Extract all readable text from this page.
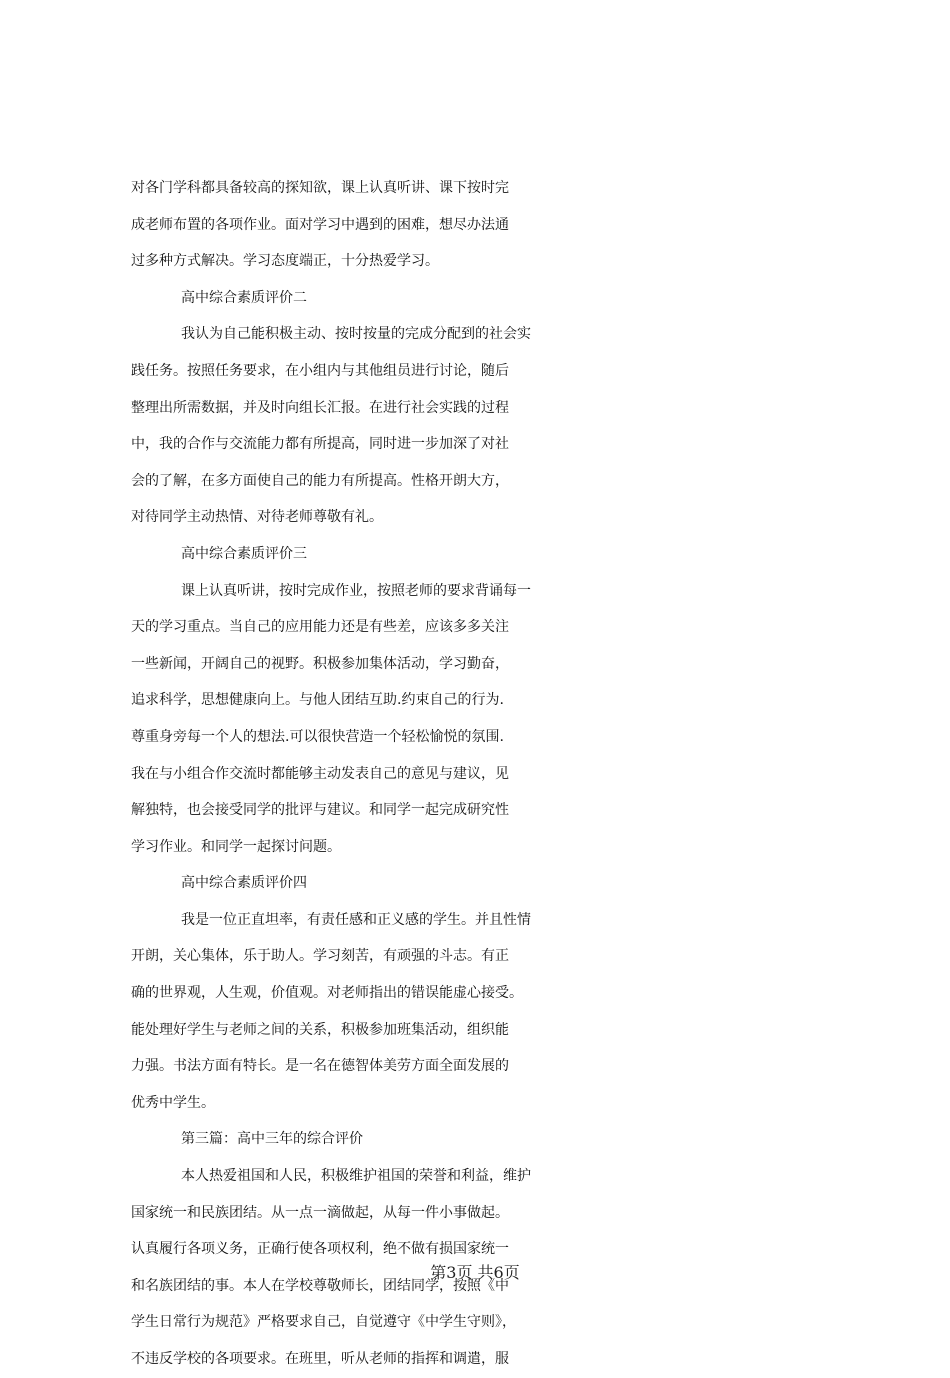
对各门学科都具备较高的探知欲，课上认真听讲、课下按时完
成老师布置的各项作业。面对学习中遇到的困难，想尽办法通
过多种方式解决。学习态度端正，十分热爱学习。
高中综合素质评价二
我认为自己能积极主动、按时按量的完成分配到的社会实
践任务。按照任务要求，在小组内与其他组员进行讨论，随后
整理出所需数据，并及时向组长汇报。在进行社会实践的过程
中，我的合作与交流能力都有所提高，同时进一步加深了对社
会的了解，在多方面使自己的能力有所提高。性格开朗大方，
对待同学主动热情、对待老师尊敬有礼。
高中综合素质评价三
课上认真听讲，按时完成作业，按照老师的要求背诵每一
天的学习重点。当自己的应用能力还是有些差，应该多多关注
一些新闻，开阔自己的视野。积极参加集体活动，学习勤奋，
追求科学，思想健康向上。与他人团结互助.约束自己的行为.
尊重身旁每一个人的想法.可以很快营造一个轻松愉悦的氛围.
我在与小组合作交流时都能够主动发表自己的意见与建议，见
解独特，也会接受同学的批评与建议。和同学一起完成研究性
学习作业。和同学一起探讨问题。
高中综合素质评价四
我是一位正直坦率，有责任感和正义感的学生。并且性情
开朗，关心集体，乐于助人。学习刻苦，有顽强的斗志。有正
确的世界观，人生观，价值观。对老师指出的错误能虚心接受。
能处理好学生与老师之间的关系，积极参加班集活动，组织能
力强。书法方面有特长。是一名在德智体美劳方面全面发展的
优秀中学生。
第三篇：高中三年的综合评价
本人热爱祖国和人民，积极维护祖国的荣誉和利益，维护
国家统一和民族团结。从一点一滴做起，从每一件小事做起。
认真履行各项义务，正确行使各项权利，绝不做有损国家统一
和名族团结的事。本人在学校尊敬师长，团结同学，按照《中
学生日常行为规范》严格要求自己，自觉遵守《中学生守则》，
不违反学校的各项要求。在班里，听从老师的指挥和调遣，服
第3页 共6页
